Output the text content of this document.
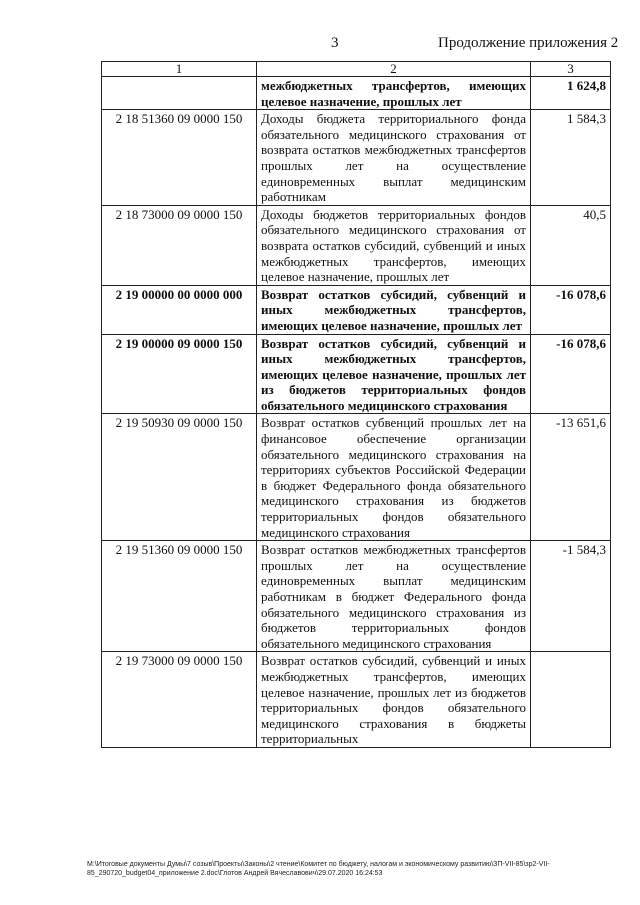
3	Продолжение приложения 2
1	2	3
	межбюджетных трансфертов, имеющих целевое назначение, прошлых лет	1 624,8
2 18 51360 09 0000 150	Доходы бюджета территориального фонда обязательного медицинского страхования от возврата остатков межбюджетных трансфертов прошлых лет на осуществление единовременных выплат медицинским работникам	1 584,3
2 18 73000 09 0000 150	Доходы бюджетов территориальных фондов обязательного медицинского страхования от возврата остатков субсидий, субвенций и иных межбюджетных трансфертов, имеющих целевое назначение, прошлых лет	40,5
2 19 00000 00 0000 000	Возврат остатков субсидий, субвенций и иных межбюджетных трансфертов, имеющих целевое назначение, прошлых лет	-16 078,6
2 19 00000 09 0000 150	Возврат остатков субсидий, субвенций и иных межбюджетных трансфертов, имеющих целевое назначение, прошлых лет из бюджетов территориальных фондов обязательного медицинского страхования	-16 078,6
2 19 50930 09 0000 150	Возврат остатков субвенций прошлых лет на финансовое обеспечение организации обязательного медицинского страхования на территориях субъектов Российской Федерации в бюджет Федерального фонда обязательного медицинского страхования из бюджетов территориальных фондов обязательного медицинского страхования	-13 651,6
2 19 51360 09 0000 150	Возврат остатков межбюджетных трансфертов прошлых лет на осуществление единовременных выплат медицинским работникам в бюджет Федерального фонда обязательного медицинского страхования из бюджетов территориальных фондов обязательного медицинского страхования	-1 584,3
2 19 73000 09 0000 150	Возврат остатков субсидий, субвенций и иных межбюджетных трансфертов, имеющих целевое назначение, прошлых лет из бюджетов территориальных фондов обязательного медицинского страхования в бюджеты территориальных	
M:\Итоговые документы Думы\7 созыв\Проекты\Законы\2 чтение\Комитет по бюджету, налогам и экономическому развитию\ЗП-VII-85\зр2-VII-85_290720_budget04_приложение 2.doc\Глотов Андрей Вячеславович\29.07.2020 16:24:53
